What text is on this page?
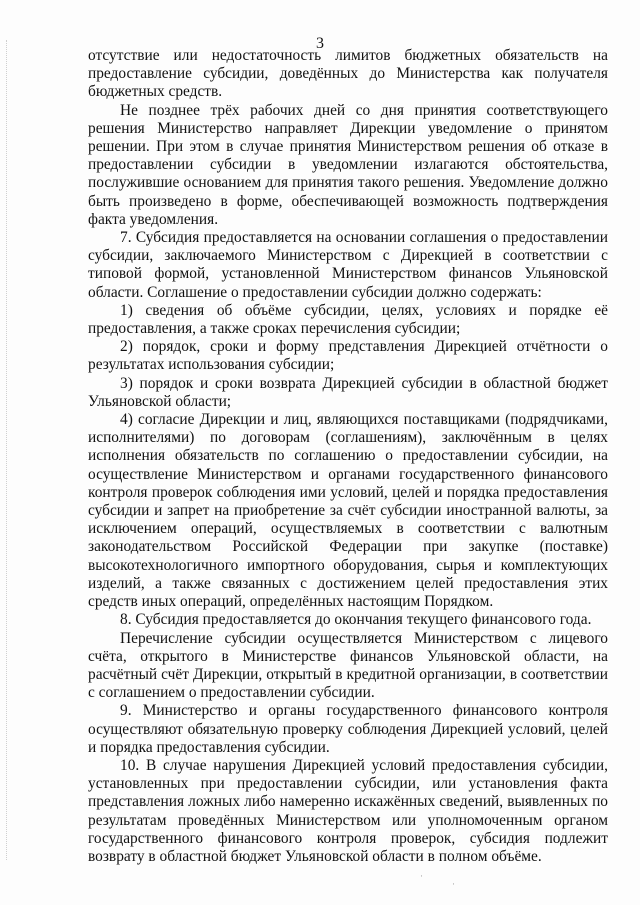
3

отсутствие или недостаточность лимитов бюджетных обязательств на предоставление субсидии, доведённых до Министерства как получателя бюджетных средств.

Не позднее трёх рабочих дней со дня принятия соответствующего решения Министерство направляет Дирекции уведомление о принятом решении. При этом в случае принятия Министерством решения об отказе в предоставлении субсидии в уведомлении излагаются обстоятельства, послужившие основанием для принятия такого решения. Уведомление должно быть произведено в форме, обеспечивающей возможность подтверждения факта уведомления.

7. Субсидия предоставляется на основании соглашения о предоставлении субсидии, заключаемого Министерством с Дирекцией в соответствии с типовой формой, установленной Министерством финансов Ульяновской области. Соглашение о предоставлении субсидии должно содержать:

1) сведения об объёме субсидии, целях, условиях и порядке её предоставления, а также сроках перечисления субсидии;

2) порядок, сроки и форму представления Дирекцией отчётности о результатах использования субсидии;

3) порядок и сроки возврата Дирекцией субсидии в областной бюджет Ульяновской области;

4) согласие Дирекции и лиц, являющихся поставщиками (подрядчиками, исполнителями) по договорам (соглашениям), заключённым в целях исполнения обязательств по соглашению о предоставлении субсидии, на осуществление Министерством и органами государственного финансового контроля проверок соблюдения ими условий, целей и порядка предоставления субсидии и запрет на приобретение за счёт субсидии иностранной валюты, за исключением операций, осуществляемых в соответствии с валютным законодательством Российской Федерации при закупке (поставке) высокотехнологичного импортного оборудования, сырья и комплектующих изделий, а также связанных с достижением целей предоставления этих средств иных операций, определённых настоящим Порядком.

8. Субсидия предоставляется до окончания текущего финансового года.

Перечисление субсидии осуществляется Министерством с лицевого счёта, открытого в Министерстве финансов Ульяновской области, на расчётный счёт Дирекции, открытый в кредитной организации, в соответствии с соглашением о предоставлении субсидии.

9. Министерство и органы государственного финансового контроля осуществляют обязательную проверку соблюдения Дирекцией условий, целей и порядка предоставления субсидии.

10. В случае нарушения Дирекцией условий предоставления субсидии, установленных при предоставлении субсидии, или установления факта представления ложных либо намеренно искажённых сведений, выявленных по результатам проведённых Министерством или уполномоченным органом государственного финансового контроля проверок, субсидия подлежит возврату в областной бюджет Ульяновской области в полном объёме.

·
·
